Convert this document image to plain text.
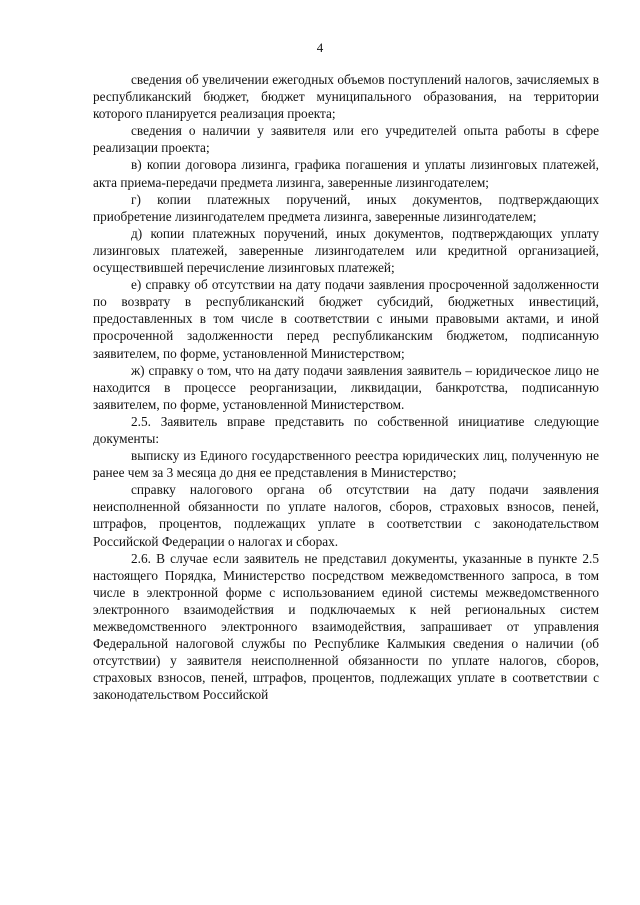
4

сведения об увеличении ежегодных объемов поступлений налогов, зачисляемых в республиканский бюджет, бюджет муниципального образования, на территории которого планируется реализация проекта;

сведения о наличии у заявителя или его учредителей опыта работы в сфере реализации проекта;

в) копии договора лизинга, графика погашения и уплаты лизинговых платежей, акта приема-передачи предмета лизинга, заверенные лизингодателем;

г) копии платежных поручений, иных документов, подтверждающих приобретение лизингодателем предмета лизинга, заверенные лизингодателем;

д) копии платежных поручений, иных документов, подтверждающих уплату лизинговых платежей, заверенные лизингодателем или кредитной организацией, осуществившей перечисление лизинговых платежей;

е) справку об отсутствии на дату подачи заявления просроченной задолженности по возврату в республиканский бюджет субсидий, бюджетных инвестиций, предоставленных в том числе в соответствии с иными правовыми актами, и иной просроченной задолженности перед республиканским бюджетом, подписанную заявителем, по форме, установленной Министерством;

ж) справку о том, что на дату подачи заявления заявитель – юридическое лицо не находится в процессе реорганизации, ликвидации, банкротства, подписанную заявителем, по форме, установленной Министерством.

2.5. Заявитель вправе представить по собственной инициативе следующие документы:

выписку из Единого государственного реестра юридических лиц, полученную не ранее чем за 3 месяца до дня ее представления в Министерство;

справку налогового органа об отсутствии на дату подачи заявления неисполненной обязанности по уплате налогов, сборов, страховых взносов, пеней, штрафов, процентов, подлежащих уплате в соответствии с законодательством Российской Федерации о налогах и сборах.

2.6. В случае если заявитель не представил документы, указанные в пункте 2.5 настоящего Порядка, Министерство посредством межведомственного запроса, в том числе в электронной форме с использованием единой системы межведомственного электронного взаимодействия и подключаемых к ней региональных систем межведомственного электронного взаимодействия, запрашивает от управления Федеральной налоговой службы по Республике Калмыкия сведения о наличии (об отсутствии) у заявителя неисполненной обязанности по уплате налогов, сборов, страховых взносов, пеней, штрафов, процентов, подлежащих уплате в соответствии с законодательством Российской
